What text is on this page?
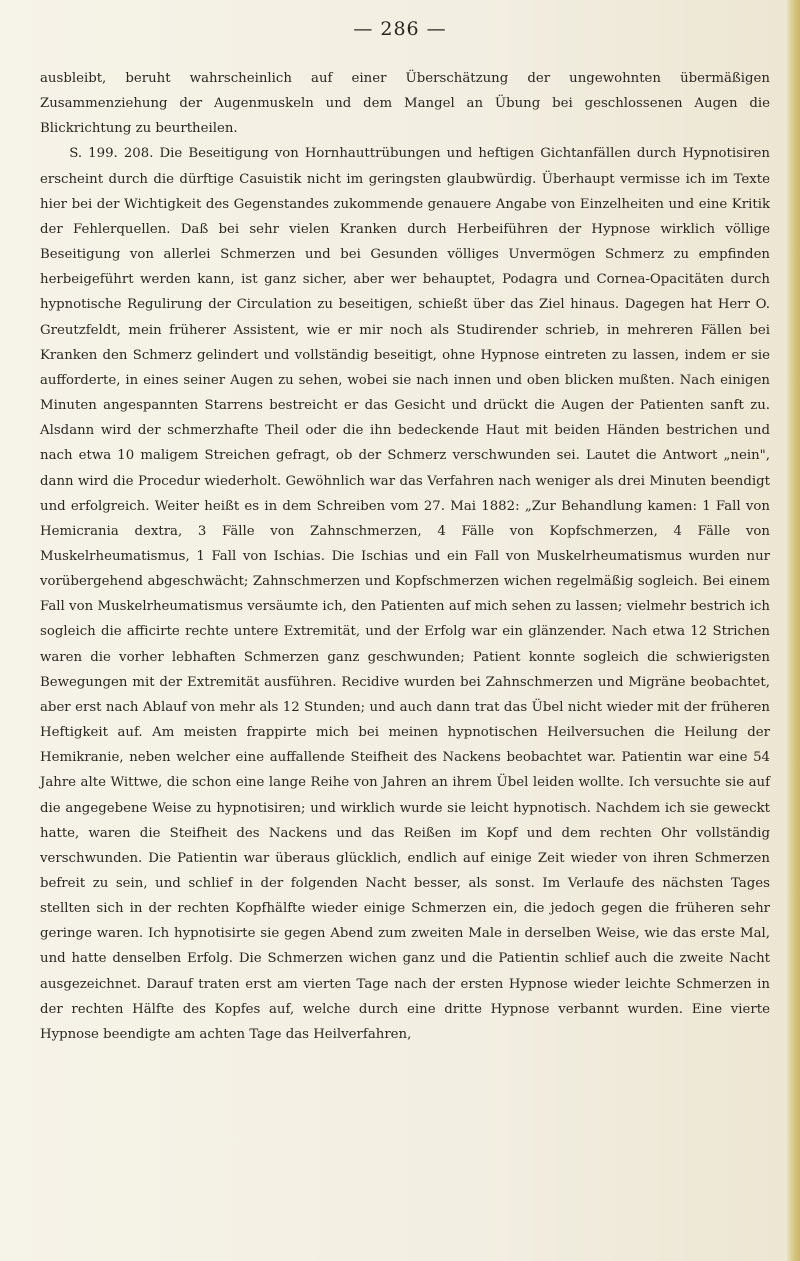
— 286 —

ausbleibt, beruht wahrscheinlich auf einer Überschätzung der ungewohnten übermäßigen Zusammenziehung der Augenmuskeln und dem Mangel an Übung bei geschlossenen Augen die Blickrichtung zu beurtheilen.

S. 199. 208. Die Beseitigung von Hornhauttrübungen und heftigen Gichtanfällen durch Hypnotisiren erscheint durch die dürftige Casuistik nicht im geringsten glaubwürdig. Überhaupt vermisse ich im Texte hier bei der Wichtigkeit des Gegenstandes zukommende genauere Angabe von Einzelheiten und eine Kritik der Fehlerquellen. Daß bei sehr vielen Kranken durch Herbeiführen der Hypnose wirklich völlige Beseitigung von allerlei Schmerzen und bei Gesunden völliges Unvermögen Schmerz zu empfinden herbeigeführt werden kann, ist ganz sicher, aber wer behauptet, Podagra und Cornea-Opacitäten durch hypnotische Regulirung der Circulation zu beseitigen, schießt über das Ziel hinaus. Dagegen hat Herr O. Greutzfeldt, mein früherer Assistent, wie er mir noch als Studirender schrieb, in mehreren Fällen bei Kranken den Schmerz gelindert und vollständig beseitigt, ohne Hypnose eintreten zu lassen, indem er sie aufforderte, in eines seiner Augen zu sehen, wobei sie nach innen und oben blicken mußten. Nach einigen Minuten angespannten Starrens bestreicht er das Gesicht und drückt die Augen der Patienten sanft zu. Alsdann wird der schmerzhafte Theil oder die ihn bedeckende Haut mit beiden Händen bestrichen und nach etwa 10 maligem Streichen gefragt, ob der Schmerz verschwunden sei. Lautet die Antwort „nein", dann wird die Procedur wiederholt. Gewöhnlich war das Verfahren nach weniger als drei Minuten beendigt und erfolgreich. Weiter heißt es in dem Schreiben vom 27. Mai 1882: „Zur Behandlung kamen: 1 Fall von Hemicrania dextra, 3 Fälle von Zahnschmerzen, 4 Fälle von Kopfschmerzen, 4 Fälle von Muskelrheumatismus, 1 Fall von Ischias. Die Ischias und ein Fall von Muskelrheumatismus wurden nur vorübergehend abgeschwächt; Zahnschmerzen und Kopfschmerzen wichen regelmäßig sogleich. Bei einem Fall von Muskelrheumatismus versäumte ich, den Patienten auf mich sehen zu lassen; vielmehr bestrich ich sogleich die afficirte rechte untere Extremität, und der Erfolg war ein glänzender. Nach etwa 12 Strichen waren die vorher lebhaften Schmerzen ganz geschwunden; Patient konnte sogleich die schwierigsten Bewegungen mit der Extremität ausführen. Recidive wurden bei Zahnschmerzen und Migräne beobachtet, aber erst nach Ablauf von mehr als 12 Stunden; und auch dann trat das Übel nicht wieder mit der früheren Heftigkeit auf. Am meisten frappirte mich bei meinen hypnotischen Heilversuchen die Heilung der Hemikranie, neben welcher eine auffallende Steifheit des Nackens beobachtet war. Patientin war eine 54 Jahre alte Wittwe, die schon eine lange Reihe von Jahren an ihrem Übel leiden wollte. Ich versuchte sie auf die angegebene Weise zu hypnotisiren; und wirklich wurde sie leicht hypnotisch. Nachdem ich sie geweckt hatte, waren die Steifheit des Nackens und das Reißen im Kopf und dem rechten Ohr vollständig verschwunden. Die Patientin war überaus glücklich, endlich auf einige Zeit wieder von ihren Schmerzen befreit zu sein, und schlief in der folgenden Nacht besser, als sonst. Im Verlaufe des nächsten Tages stellten sich in der rechten Kopfhälfte wieder einige Schmerzen ein, die jedoch gegen die früheren sehr geringe waren. Ich hypnotisirte sie gegen Abend zum zweiten Male in derselben Weise, wie das erste Mal, und hatte denselben Erfolg. Die Schmerzen wichen ganz und die Patientin schlief auch die zweite Nacht ausgezeichnet. Darauf traten erst am vierten Tage nach der ersten Hypnose wieder leichte Schmerzen in der rechten Hälfte des Kopfes auf, welche durch eine dritte Hypnose verbannt wurden. Eine vierte Hypnose beendigte am achten Tage das Heilverfahren,
